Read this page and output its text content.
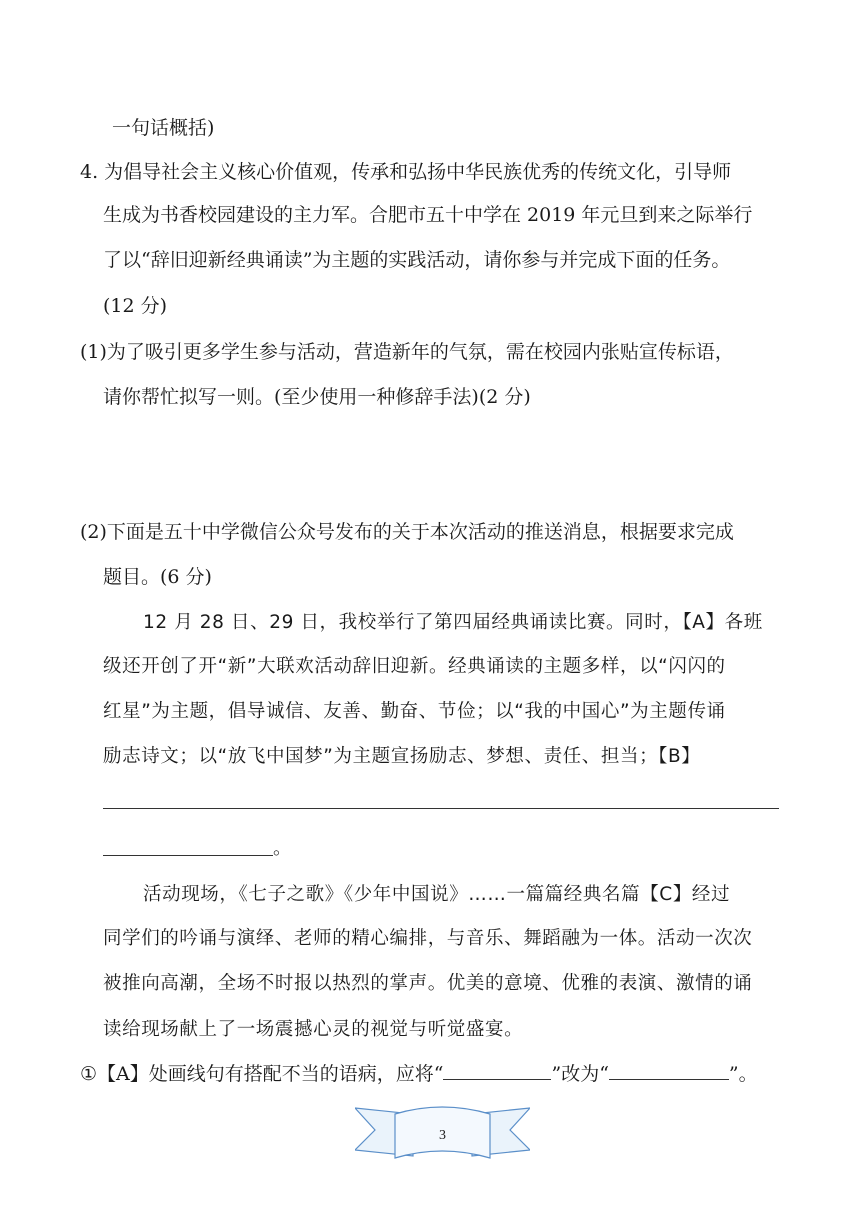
一句话概括)
4. 为倡导社会主义核心价值观，传承和弘扬中华民族优秀的传统文化，引导师
生成为书香校园建设的主力军。合肥市五十中学在 2019 年元旦到来之际举行
了以“辞旧迎新经典诵读”为主题的实践活动，请你参与并完成下面的任务。
(12 分)
(1)为了吸引更多学生参与活动，营造新年的气氛，需在校园内张贴宣传标语，
请你帮忙拟写一则。(至少使用一种修辞手法)(2 分)
(2)下面是五十中学微信公众号发布的关于本次活动的推送消息，根据要求完成
题目。(6 分)
12 月 28 日、29 日，我校举行了第四届经典诵读比赛。同时，【A】各班
级还开创了开“新”大联欢活动辞旧迎新。经典诵读的主题多样，以“闪闪的
红星”为主题，倡导诚信、友善、勤奋、节俭；以“我的中国心”为主题传诵
励志诗文；以“放飞中国梦”为主题宣扬励志、梦想、责任、担当；【B】
。
活动现场，《七子之歌》《少年中国说》……一篇篇经典名篇【C】经过
同学们的吟诵与演绎、老师的精心编排，与音乐、舞蹈融为一体。活动一次次
被推向高潮，全场不时报以热烈的掌声。优美的意境、优雅的表演、激情的诵
读给现场献上了一场震撼心灵的视觉与听觉盛宴。
①【A】处画线句有搭配不当的语病，应将“	”改为“	”。
3
